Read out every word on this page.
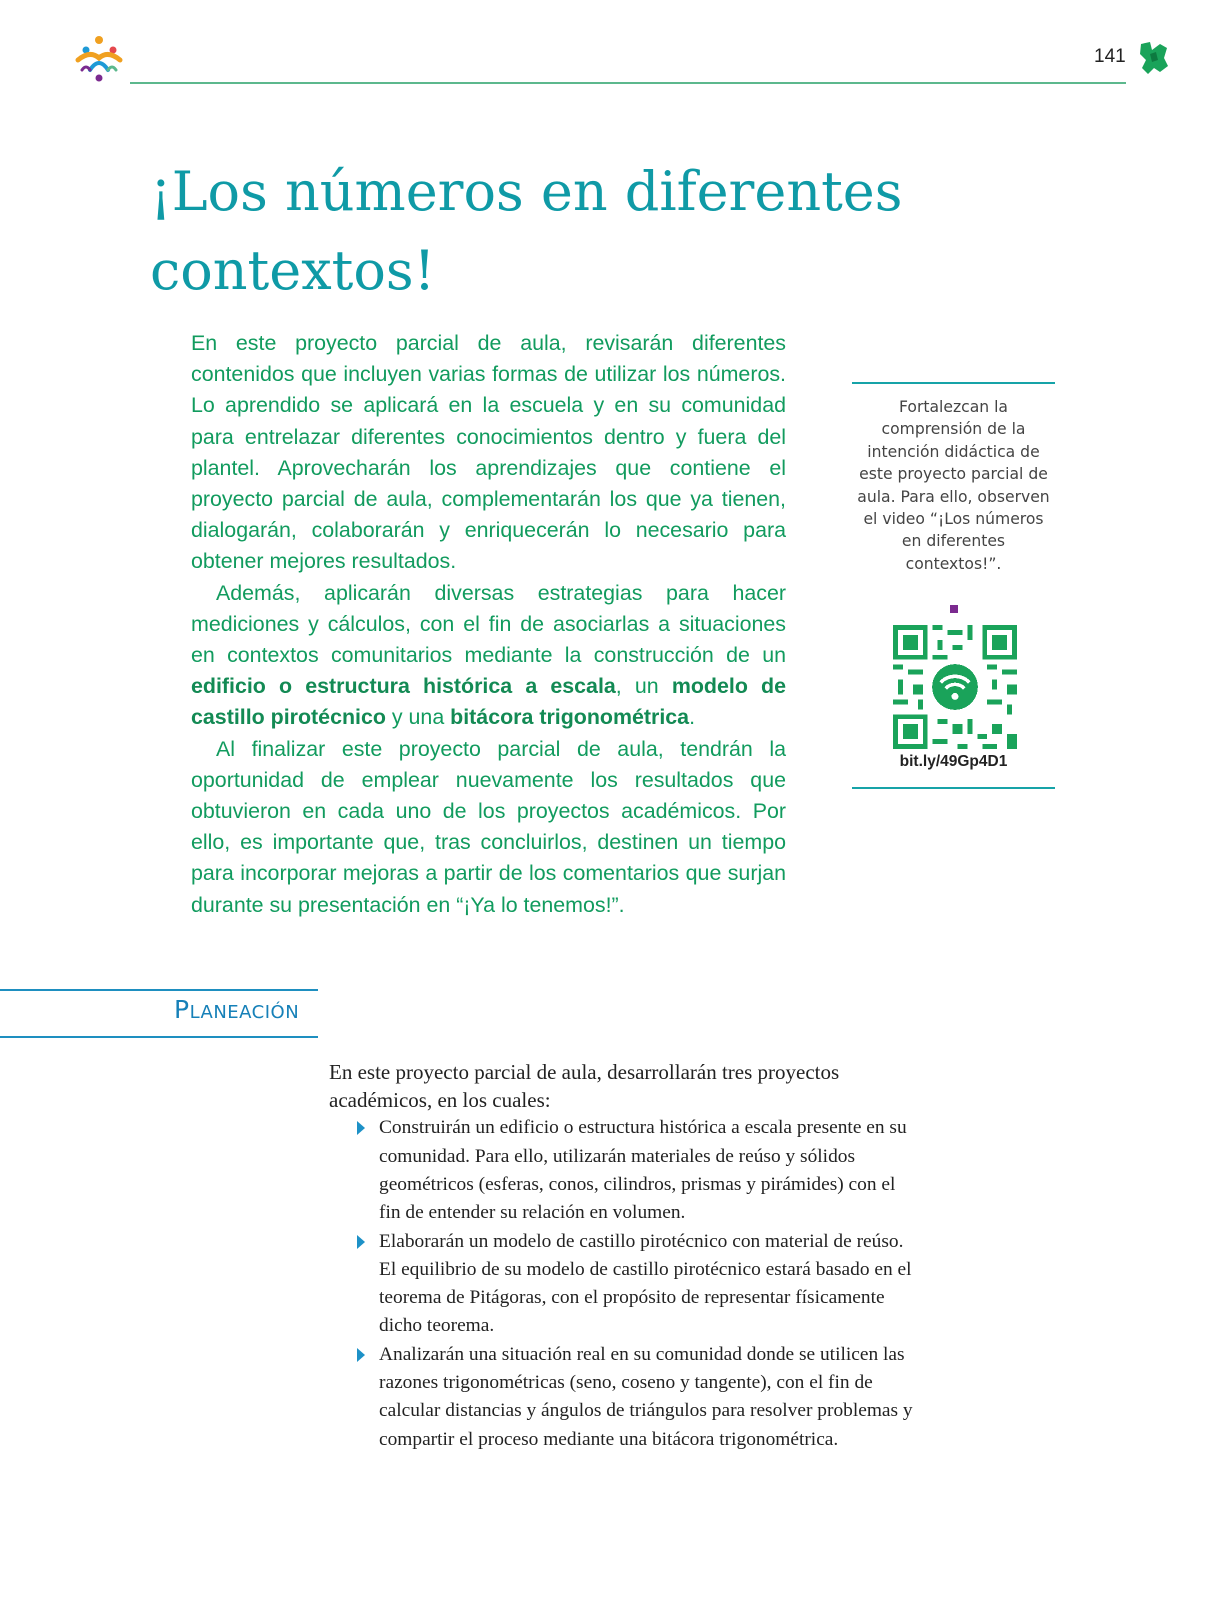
141
¡Los números en diferentes contextos!

En este proyecto parcial de aula, revisarán diferentes contenidos que incluyen varias formas de utilizar los números. Lo aprendido se aplicará en la escuela y en su comunidad para entrelazar diferentes conocimientos dentro y fuera del plantel. Aprovecharán los aprendizajes que contiene el proyecto parcial de aula, complementarán los que ya tienen, dialogarán, colaborarán y enriquecerán lo necesario para obtener mejores resultados.

Además, aplicarán diversas estrategias para hacer mediciones y cálculos, con el fin de asociarlas a situaciones en contextos comunitarios mediante la construcción de un edificio o estructura histórica a escala, un modelo de castillo pirotécnico y una bitácora trigonométrica.

Al finalizar este proyecto parcial de aula, tendrán la oportunidad de emplear nuevamente los resultados que obtuvieron en cada uno de los proyectos académicos. Por ello, es importante que, tras concluirlos, destinen un tiempo para incorporar mejoras a partir de los comentarios que surjan durante su presentación en “¡Ya lo tenemos!”.

Fortalezcan la comprensión de la intención didáctica de este proyecto parcial de aula. Para ello, observen el video “¡Los números en diferentes contextos!”.
bit.ly/49Gp4D1
Planeación

En este proyecto parcial de aula, desarrollarán tres proyectos académicos, en los cuales:

Construirán un edificio o estructura histórica a escala presente en su comunidad. Para ello, utilizarán materiales de reúso y sólidos geométricos (esferas, conos, cilindros, prismas y pirámides) con el fin de entender su relación en volumen.
Elaborarán un modelo de castillo pirotécnico con material de reúso. El equilibrio de su modelo de castillo pirotécnico estará basado en el teorema de Pitágoras, con el propósito de representar físicamente dicho teorema.
Analizarán una situación real en su comunidad donde se utilicen las razones trigonométricas (seno, coseno y tangente), con el fin de calcular distancias y ángulos de triángulos para resolver problemas y compartir el proceso mediante una bitácora trigonométrica.
